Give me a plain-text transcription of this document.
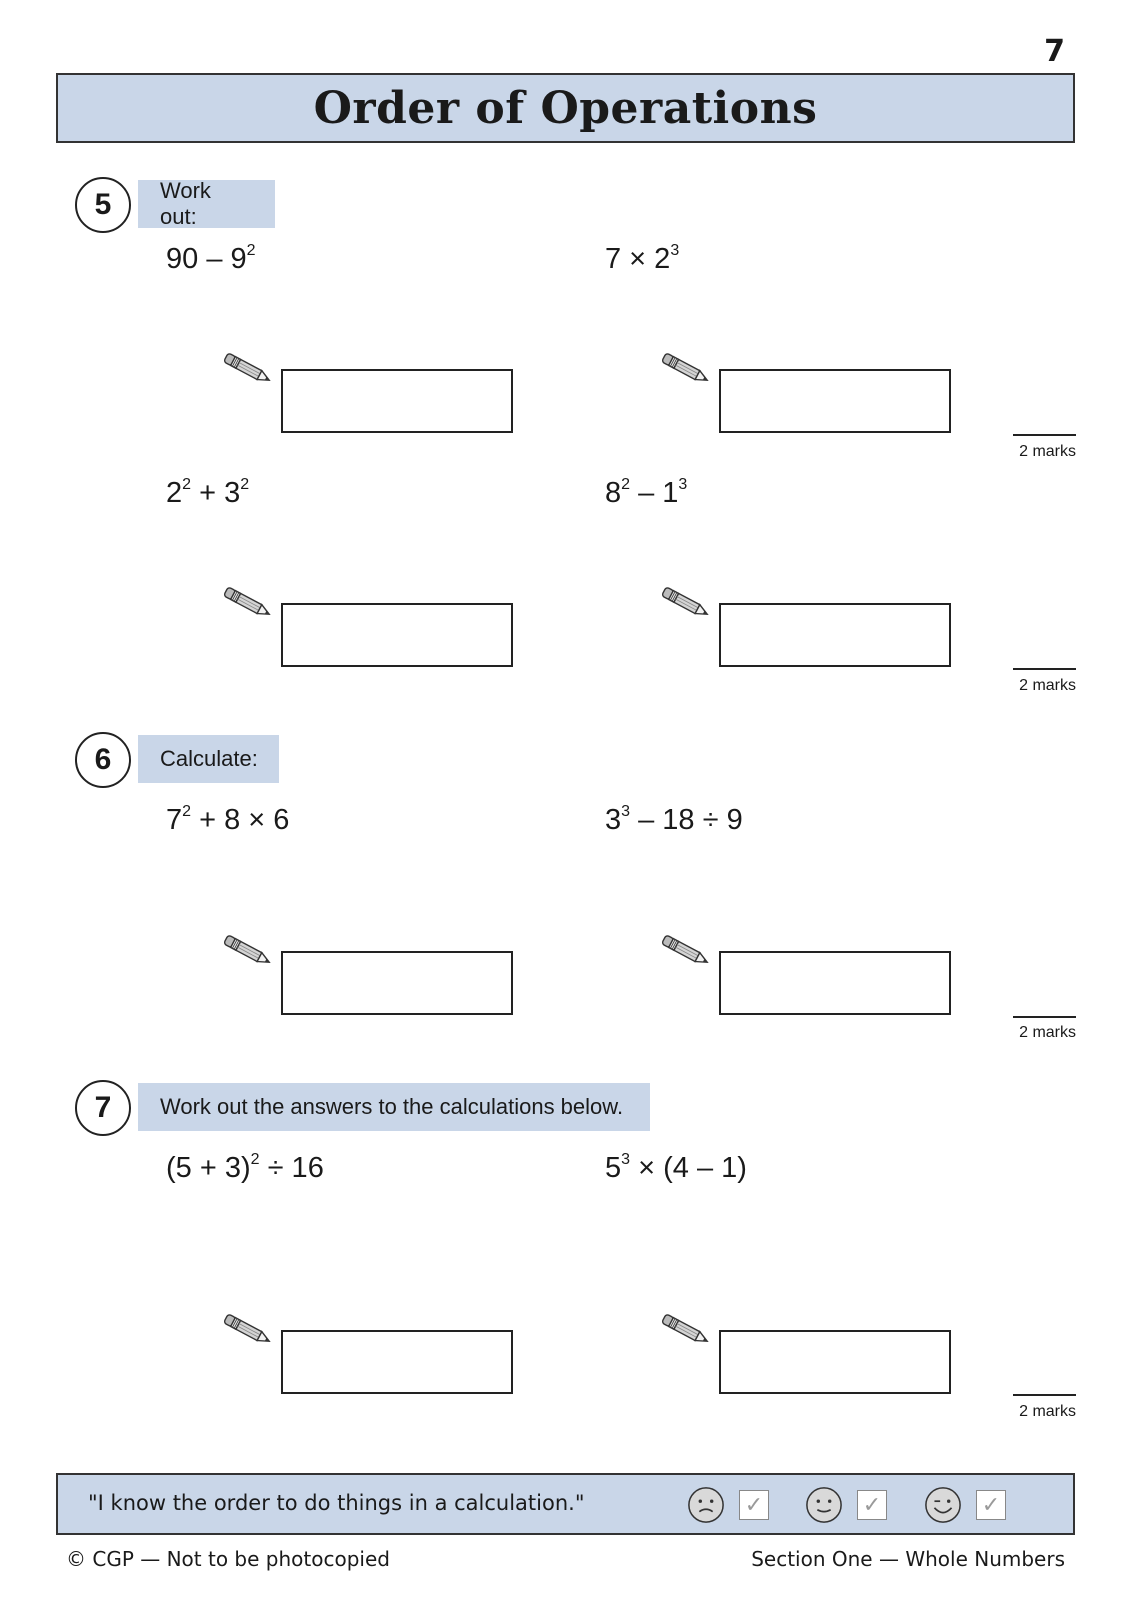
7
Order of Operations
5	Work out:
$90 - 9^2$	$7 \times 2^3$
2 marks
$2^2 + 3^2$	$8^2 - 1^3$
2 marks
6	Calculate:
$7^2 + 8 \times 6$	$3^3 - 18 \div 9$
2 marks
7	Work out the answers to the calculations below.
$(5 + 3)^2 \div 16$	$5^3 \times (4 - 1)$
2 marks
"I know the order to do things in a calculation."	✓	✓	✓
© CGP — Not to be photocopied	Section One — Whole Numbers
